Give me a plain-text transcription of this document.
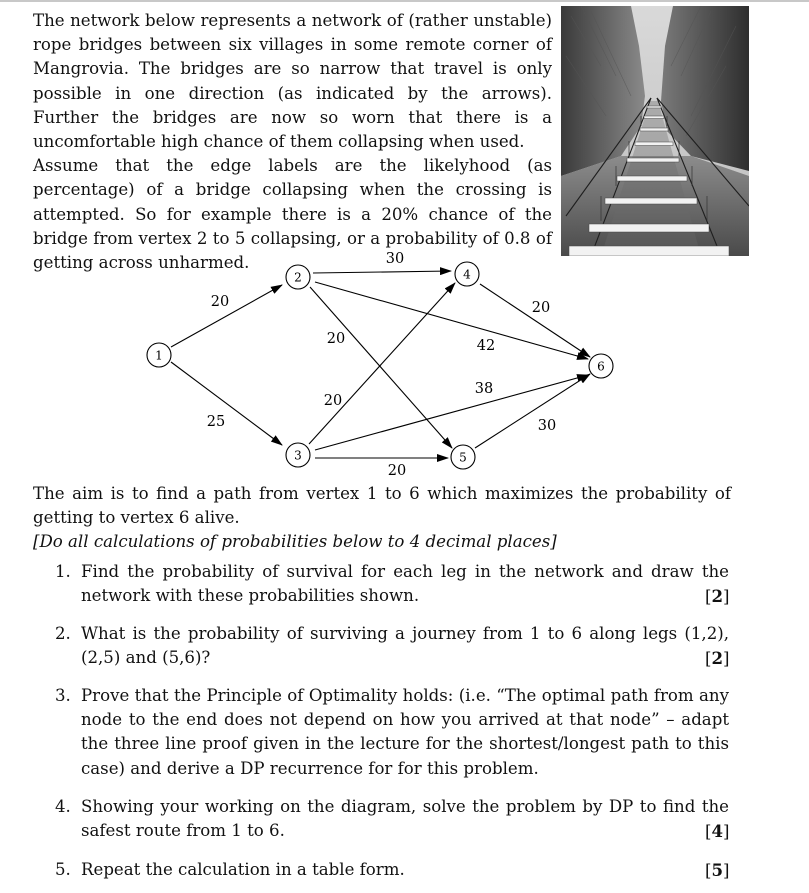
The network below represents a network of (rather unstable) rope bridges between six villages in some remote corner of Mangrovia. The bridges are so narrow that travel is only possible in one direction (as indicated by the arrows). Further the bridges are now so worn that there is a uncomfortable high chance of them collapsing when used.

Assume that the edge labels are the likelyhood (as percentage) of a bridge collapsing when the crossing is attempted. So for example there is a 20% chance of the bridge from vertex 2 to 5 collapsing, or a probability of 0.8 of getting across unharmed.

20
25
30
20	42
20
20
38
20
30
1
2
3
4
5
6

The aim is to find a path from vertex 1 to 6 which maximizes the probability of getting to vertex 6 alive.

[Do all calculations of probabilities below to 4 decimal places]

1. Find the probability of survival for each leg in the network and draw the network with these probabilities shown.	[2]
2. What is the probability of surviving a journey from 1 to 6 along legs (1,2), (2,5) and (5,6)?	[2]
3. Prove that the Principle of Optimality holds: (i.e. “The optimal path from any node to the end does not depend on how you arrived at that node” – adapt the three line proof given in the lecture for the shortest/longest path to this case) and derive a DP recurrence for for this problem.
4. Showing your working on the diagram, solve the problem by DP to find the safest route from 1 to 6.	[4]
5. Repeat the calculation in a table form.	[5]
